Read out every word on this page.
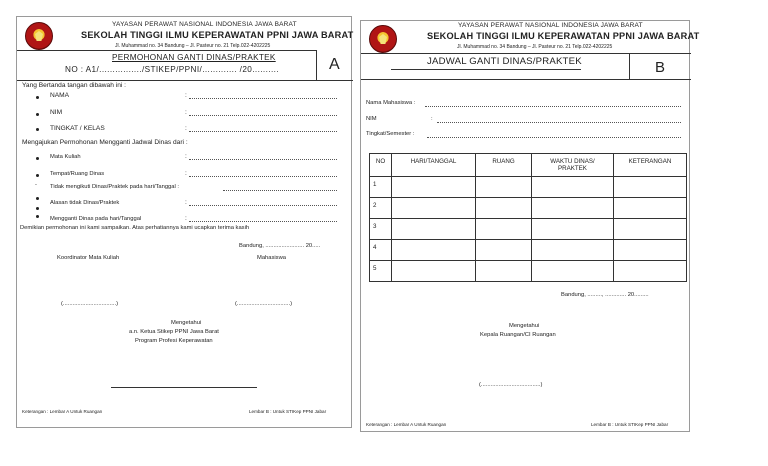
YAYASAN PERAWAT NASIONAL INDONESIA JAWA BARAT
SEKOLAH TINGGI ILMU KEPERAWATAN PPNI JAWA BARAT
Jl. Muhammad no. 34 Bandung – Jl. Pasteur no. 21 Telp.022-4202225
A
PERMOHONAN GANTI DINAS/PRAKTEK
NO : A1/................/STIKEP/PPNI/............. /20..........
Yang Bertanda tangan dibawah ini :
NAMA	:
NIM	:
TINGKAT / KELAS	:
Mengajukan Permohonan Mengganti Jadwal Dinas dari :
Mata Kuliah	:
Tempat/Ruang Dinas	:
- Tidak mengikuti Dinas/Praktek pada hari/Tanggal :
Alasan tidak Dinas/Praktek	:
Mengganti Dinas pada hari/Tanggal	:
Demikian permohonan ini kami sampaikan. Atas perhatiannya kami ucapkan terima kasih
Bandung, ........................ 20.....
Koordinator Mata Kuliah	Mahasiswa
(.................................)	(.................................)
Mengetahui
a.n. Ketua Stikep PPNI Jawa Barat
Program Profesi Keperawatan
Keterangan : Lembar A Untuk Ruangan	Lembar B : Untuk STIKep PPNI Jabar
YAYASAN PERAWAT NASIONAL INDONESIA JAWA BARAT
SEKOLAH TINGGI ILMU KEPERAWATAN PPNI JAWA BARAT
Jl. Muhammad no. 34 Bandung – Jl. Pasteur no. 21 Telp.022-4202225
B
JADWAL GANTI DINAS/PRAKTEK
Nama Mahasiswa :
NIM	:
Tingkat/Semester :
NO	HARI/TANGGAL	RUANG	WAKTU DINAS/ PRAKTEK	KETERANGAN
1				
2				
3				
4				
5				
Bandung, ........., ............. 20.........
Mengetahui
Kepala Ruangan/CI Ruangan
(.....................................)
Keterangan : Lembar A Untuk Ruangan	Lembar B : Untuk STIKep PPNI Jabar
